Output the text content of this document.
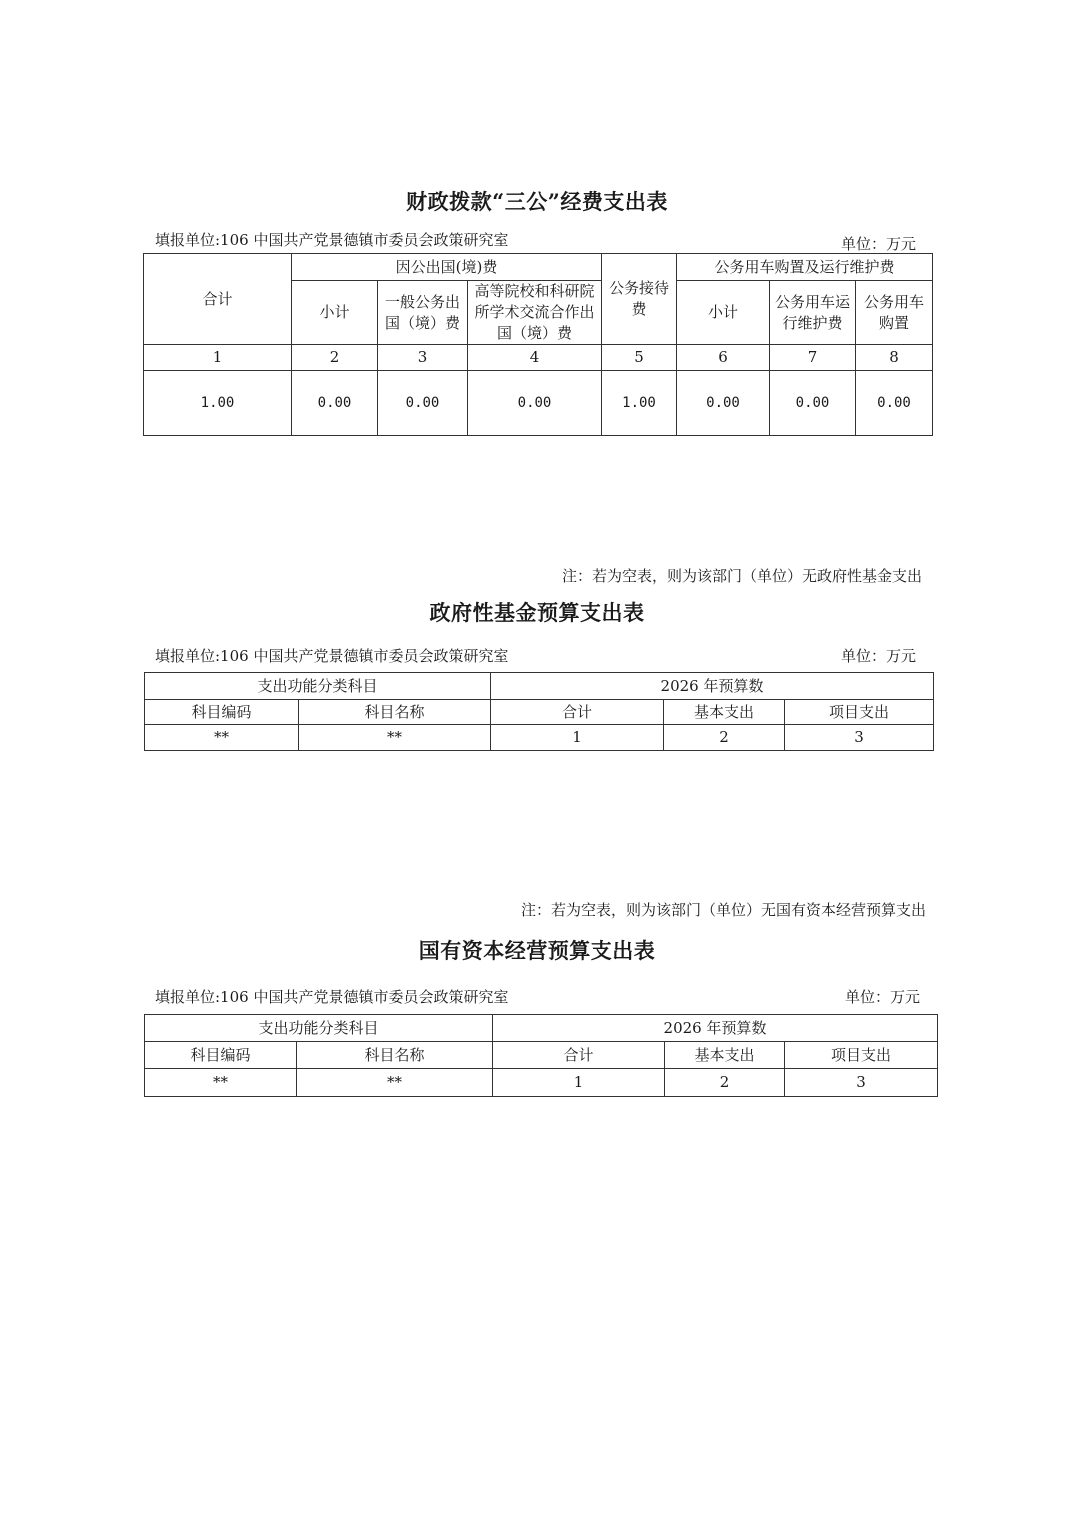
财政拨款“三公”经费支出表
填报单位:106 中国共产党景德镇市委员会政策研究室	单位：万元
合计	因公出国(境)费			公务接待费	公务用车购置及运行维护费		
	小计	一般公务出国（境）费	高等院校和科研院所学术交流合作出国（境）费		小计	公务用车运行维护费	公务用车购置
1	2	3	4	5	6	7	8
1.00	0.00	0.00	0.00	1.00	0.00	0.00	0.00
注：若为空表，则为该部门（单位）无政府性基金支出
政府性基金预算支出表
填报单位:106 中国共产党景德镇市委员会政策研究室	单位：万元
支出功能分类科目		2026 年预算数		
科目编码	科目名称	合计	基本支出	项目支出
**	**	1	2	3
注：若为空表，则为该部门（单位）无国有资本经营预算支出
国有资本经营预算支出表
填报单位:106 中国共产党景德镇市委员会政策研究室	单位：万元
支出功能分类科目		2026 年预算数		
科目编码	科目名称	合计	基本支出	项目支出
**	**	1	2	3
